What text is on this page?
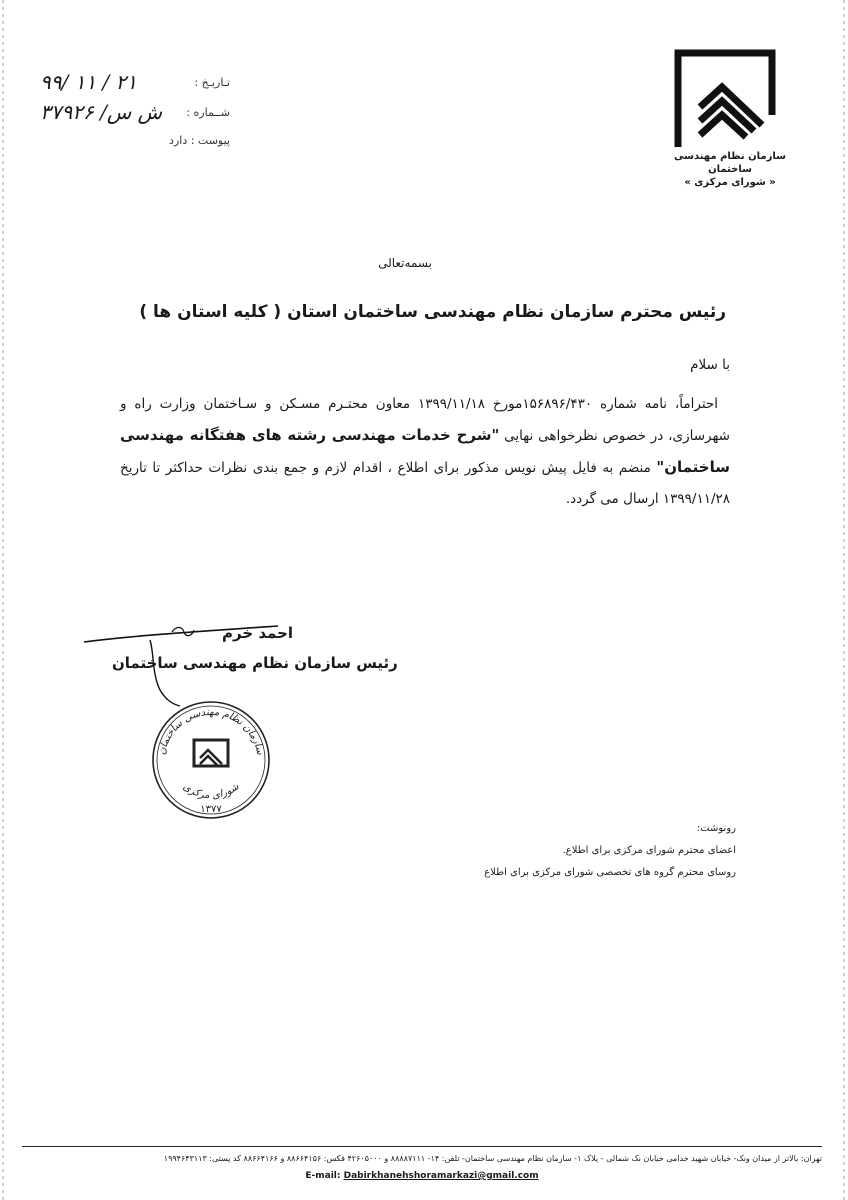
سازمان نظام مهندسی ساختمان
« شورای مرکزی »
تـاریـخ :
۹۹/ ۱۱ / ۲۱
شــماره :
ش س/ ۳۷۹۲۶
پیوست : دارد
بسمه‌تعالی
رئیس محترم سازمان نظام مهندسی ساختمان استان ( کلیه استان ها )

با سلام

احتراماً، نامه شماره ۱۵۶۸۹۶/۴۳۰مورخ ۱۳۹۹/۱۱/۱۸ معاون محتـرم مسـکن و سـاختمان وزارت راه و شهرسازی، در خصوص نظرخواهی نهایی "شرح خدمات مهندسی رشته های هفتگانه مهندسی ساختمان" منضم به فایل پیش نویس مذکور برای اطلاع ، اقدام لازم و جمع بندی نظرات حداکثر تا تاریخ ۱۳۹۹/۱۱/۲۸ ارسال می گردد.

احمد خرم
رئیس سازمان نظام مهندسی ساختمان
سازمان نظام مهندسی ساختمان
شورای مرکزی
۱۳۷۷
رونوشت:
اعضای محترم شورای مرکزی برای اطلاع.
روسای محترم گروه های تخصصی شورای مرکزی برای اطلاع
تهران: بالاتر از میدان ونک- خیابان شهید خدامی خیابان نک شمالی - پلاک ۱- سازمان نظام مهندسی ساختمان- تلفن: ۱۴- ۸۸۸۸۷۱۱۱ و ۴۲۶۰۵۰۰۰ فکس: ۸۸۶۶۴۱۵۶ و ۸۸۶۶۴۱۶۶ کد پستی: ۱۹۹۴۶۴۳۱۱۳
E-mail: Dabirkhanehshoramarkazi@gmail.com
